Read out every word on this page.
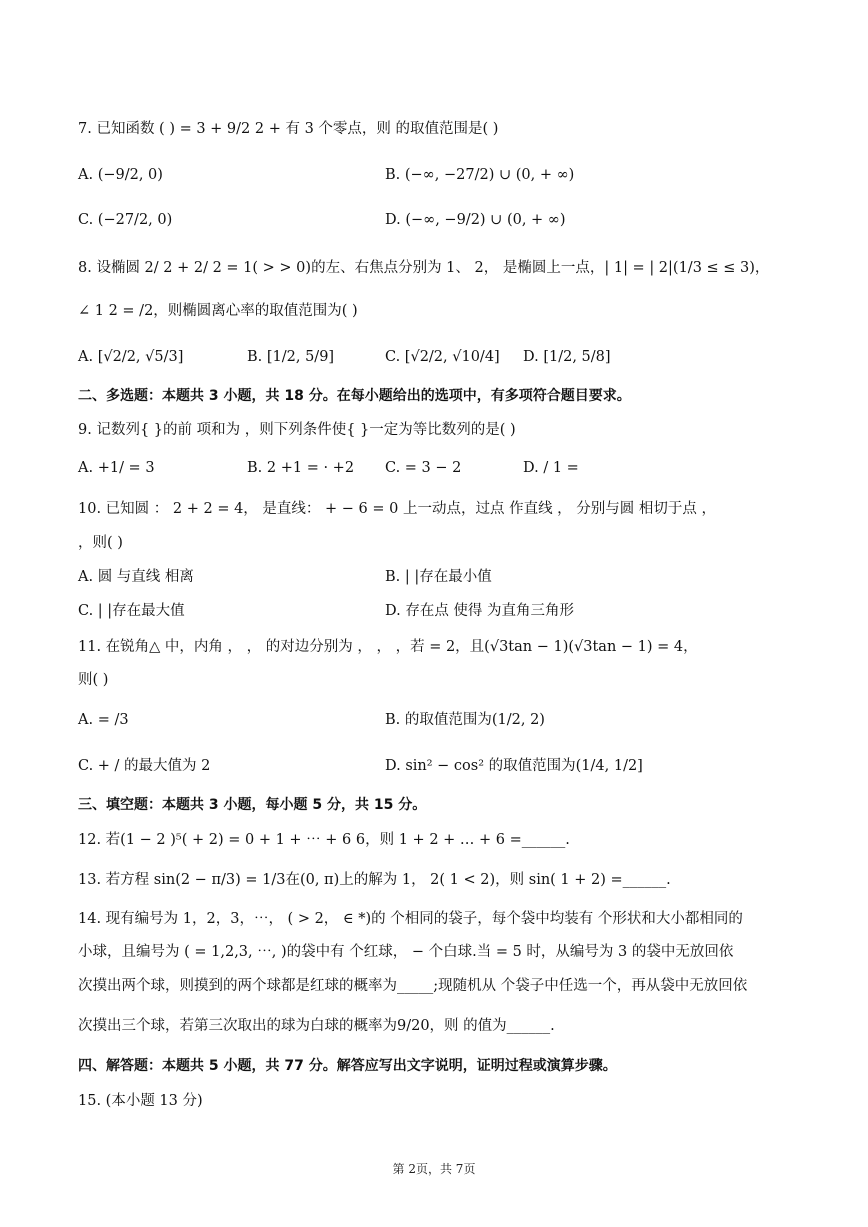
7. 已知函数 ( ) = 3 + 9/2 2 + 有 3 个零点，则 的取值范围是( )
A. (−9/2, 0)	B. (−∞, −27/2) ∪ (0, + ∞)
C. (−27/2, 0)	D. (−∞, −9/2) ∪ (0, + ∞)
8. 设椭圆 2/ 2 + 2/ 2 = 1( > > 0)的左、右焦点分别为 1、 2， 是椭圆上一点，| 1| = | 2|(1/3 ≤ ≤ 3)，
∠ 1 2 = /2，则椭圆离心率的取值范围为( )
A. [√2/2, √5/3]	B. [1/2, 5/9]	C. [√2/2, √10/4] D. [1/2, 5/8]
二、多选题：本题共 3 小题，共 18 分。在每小题给出的选项中，有多项符合题目要求。
9. 记数列{ }的前 项和为 ，则下列条件使{ }一定为等比数列的是( )
A. +1/ = 3	B. 2 +1 = · +2 C. = 3 − 2	D. / 1 =
10. 已知圆 ： 2 + 2 = 4， 是直线： + − 6 = 0 上一动点，过点 作直线 ， 分别与圆 相切于点 ，
，则( )
A. 圆 与直线 相离	B. | |存在最小值
C. | |存在最大值	D. 存在点 使得 为直角三角形
11. 在锐角△ 中，内角 ， ， 的对边分别为 ， ， ，若 = 2，且(√3tan − 1)(√3tan − 1) = 4，
则( )
A. = /3	B. 的取值范围为(1/2, 2)
C. + / 的最大值为 2	D. sin² − cos² 的取值范围为(1/4, 1/2]
三、填空题：本题共 3 小题，每小题 5 分，共 15 分。
12. 若(1 − 2 )⁵( + 2) = 0 + 1 + ⋯ + 6 6，则 1 + 2 + … + 6 =______.
13. 若方程 sin(2 − π/3) = 1/3在(0, π)上的解为 1， 2( 1 < 2)，则 sin( 1 + 2) =______.
14. 现有编号为 1，2，3，⋯， ( > 2， ∈ *)的 个相同的袋子，每个袋中均装有 个形状和大小都相同的
小球，且编号为 ( = 1,2,3, ⋯, )的袋中有 个红球， − 个白球.当 = 5 时，从编号为 3 的袋中无放回依
次摸出两个球，则摸到的两个球都是红球的概率为_____;现随机从 个袋子中任选一个，再从袋中无放回依
次摸出三个球，若第三次取出的球为白球的概率为9/20，则 的值为______.
四、解答题：本题共 5 小题，共 77 分。解答应写出文字说明，证明过程或演算步骤。
15. (本小题 13 分)
第 2页，共 7页
